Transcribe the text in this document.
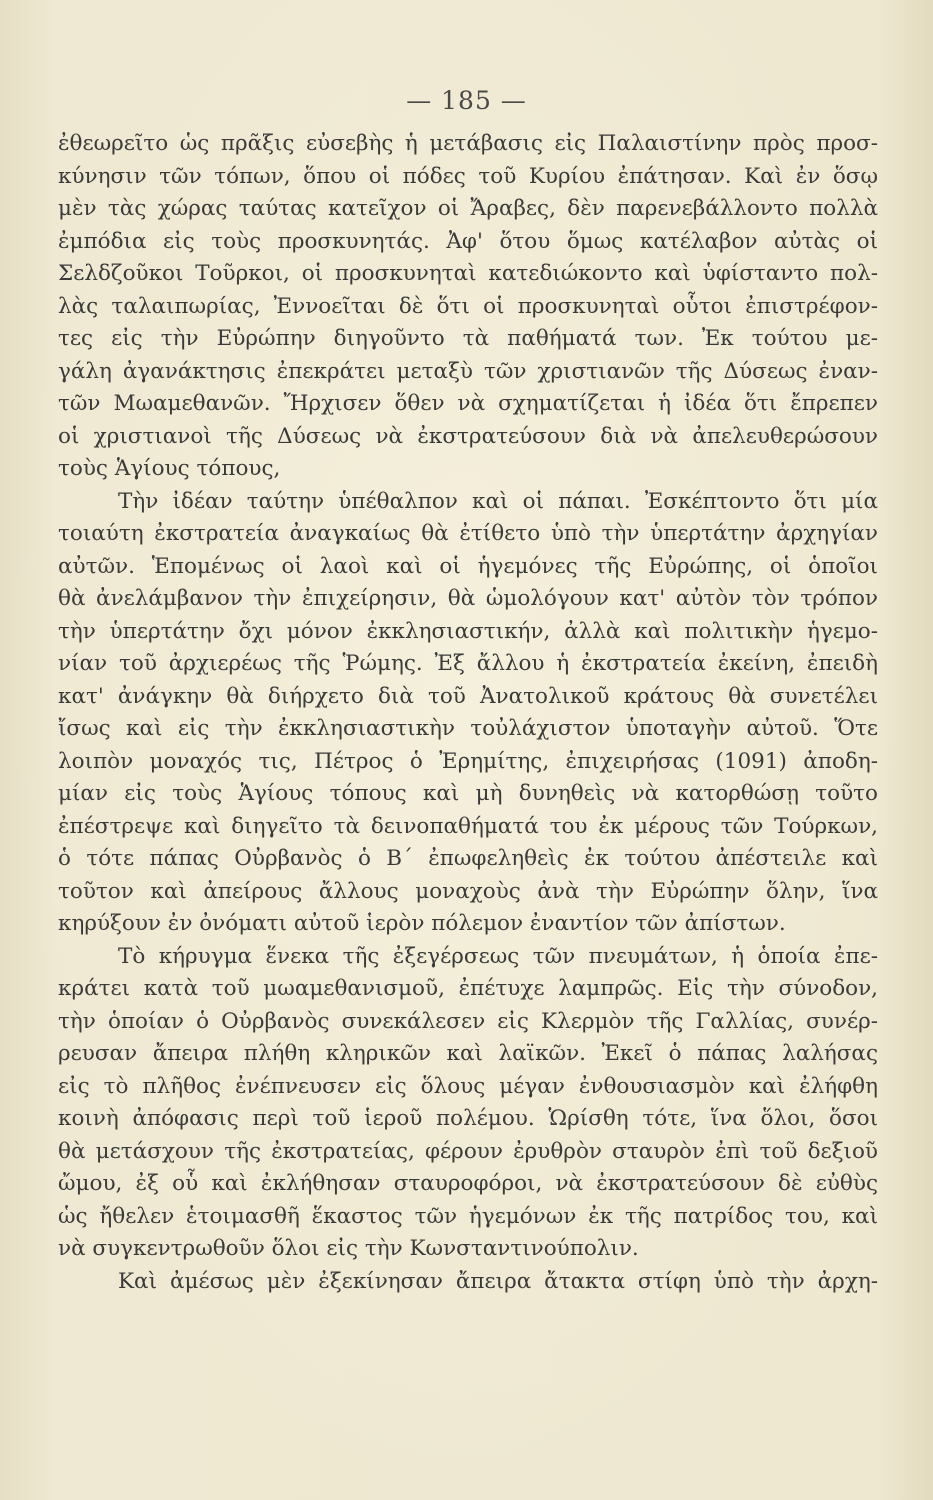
— 185 —
ἐθεωρεῖτο ὡς πρᾶξις εὐσεβὴς ἡ μετάβασις εἰς Παλαιστίνην πρὸς προσ-
κύνησιν τῶν τόπων, ὅπου οἱ πόδες τοῦ Κυρίου ἐπάτησαν. Καὶ ἐν ὅσῳ
μὲν τὰς χώρας ταύτας κατεῖχον οἱ Ἄραβες, δὲν παρενεβάλλοντο πολλὰ
ἐμπόδια εἰς τοὺς προσκυνητάς. Ἀφ' ὅτου ὅμως κατέλαβον αὐτὰς οἱ
Σελδζοῦκοι Τοῦρκοι, οἱ προσκυνηταὶ κατεδιώκοντο καὶ ὑφίσταντο πολ-
λὰς ταλαιπωρίας, Ἐννοεῖται δὲ ὅτι οἱ προσκυνηταὶ οὗτοι ἐπιστρέφον-
τες εἰς τὴν Εὐρώπην διηγοῦντο τὰ παθήματά των. Ἐκ τούτου με-
γάλη ἀγανάκτησις ἐπεκράτει μεταξὺ τῶν χριστιανῶν τῆς Δύσεως ἐναν-
τῶν Μωαμεθανῶν. Ἤρχισεν ὅθεν νὰ σχηματίζεται ἡ ἰδέα ὅτι ἔπρεπεν
οἱ χριστιανοὶ τῆς Δύσεως νὰ ἐκστρατεύσουν διὰ νὰ ἀπελευθερώσουν
τοὺς Ἁγίους τόπους,
Τὴν ἰδέαν ταύτην ὑπέθαλπον καὶ οἱ πάπαι. Ἐσκέπτοντο ὅτι μία
τοιαύτη ἐκστρατεία ἀναγκαίως θὰ ἐτίθετο ὑπὸ τὴν ὑπερτάτην ἀρχηγίαν
αὐτῶν. Ἑπομένως οἱ λαοὶ καὶ οἱ ἡγεμόνες τῆς Εὐρώπης, οἱ ὁποῖοι
θὰ ἀνελάμβανον τὴν ἐπιχείρησιν, θὰ ὡμολόγουν κατ' αὐτὸν τὸν τρόπον
τὴν ὑπερτάτην ὄχι μόνον ἐκκλησιαστικήν, ἀλλὰ καὶ πολιτικὴν ἡγεμο-
νίαν τοῦ ἀρχιερέως τῆς Ῥώμης. Ἐξ ἄλλου ἡ ἐκστρατεία ἐκείνη, ἐπειδὴ
κατ' ἀνάγκην θὰ διήρχετο διὰ τοῦ Ἀνατολικοῦ κράτους θὰ συνετέλει
ἴσως καὶ εἰς τὴν ἐκκλησιαστικὴν τοὐλάχιστον ὑποταγὴν αὐτοῦ. Ὅτε
λοιπὸν μοναχός τις, Πέτρος ὁ Ἐρημίτης, ἐπιχειρήσας (1091) ἀποδη-
μίαν εἰς τοὺς Ἁγίους τόπους καὶ μὴ δυνηθεὶς νὰ κατορθώσῃ τοῦτο
ἐπέστρεψε καὶ διηγεῖτο τὰ δεινοπαθήματά του ἐκ μέρους τῶν Τούρκων,
ὁ τότε πάπας Οὐρβανὸς ὁ Β΄ ἐπωφεληθεὶς ἐκ τούτου ἀπέστειλε καὶ
τοῦτον καὶ ἀπείρους ἄλλους μοναχοὺς ἀνὰ τὴν Εὐρώπην ὅλην, ἵνα
κηρύξουν ἐν ὀνόματι αὐτοῦ ἱερὸν πόλεμον ἐναντίον τῶν ἀπίστων.
Τὸ κήρυγμα ἕνεκα τῆς ἐξεγέρσεως τῶν πνευμάτων, ἡ ὁποία ἐπε-
κράτει κατὰ τοῦ μωαμεθανισμοῦ, ἐπέτυχε λαμπρῶς. Εἰς τὴν σύνοδον,
τὴν ὁποίαν ὁ Οὐρβανὸς συνεκάλεσεν εἰς Κλερμὸν τῆς Γαλλίας, συνέρ-
ρευσαν ἄπειρα πλήθη κληρικῶν καὶ λαϊκῶν. Ἐκεῖ ὁ πάπας λαλήσας
εἰς τὸ πλῆθος ἐνέπνευσεν εἰς ὅλους μέγαν ἐνθουσιασμὸν καὶ ἐλήφθη
κοινὴ ἀπόφασις περὶ τοῦ ἱεροῦ πολέμου. Ὡρίσθη τότε, ἵνα ὅλοι, ὅσοι
θὰ μετάσχουν τῆς ἐκστρατείας, φέρουν ἐρυθρὸν σταυρὸν ἐπὶ τοῦ δεξιοῦ
ὤμου, ἐξ οὗ καὶ ἐκλήθησαν σταυροφόροι, νὰ ἐκστρατεύσουν δὲ εὐθὺς
ὡς ἤθελεν ἑτοιμασθῆ ἕκαστος τῶν ἡγεμόνων ἐκ τῆς πατρίδος του, καὶ
νὰ συγκεντρωθοῦν ὅλοι εἰς τὴν Κωνσταντινούπολιν.
Καὶ ἀμέσως μὲν ἐξεκίνησαν ἄπειρα ἄτακτα στίφη ὑπὸ τὴν ἀρχη-
